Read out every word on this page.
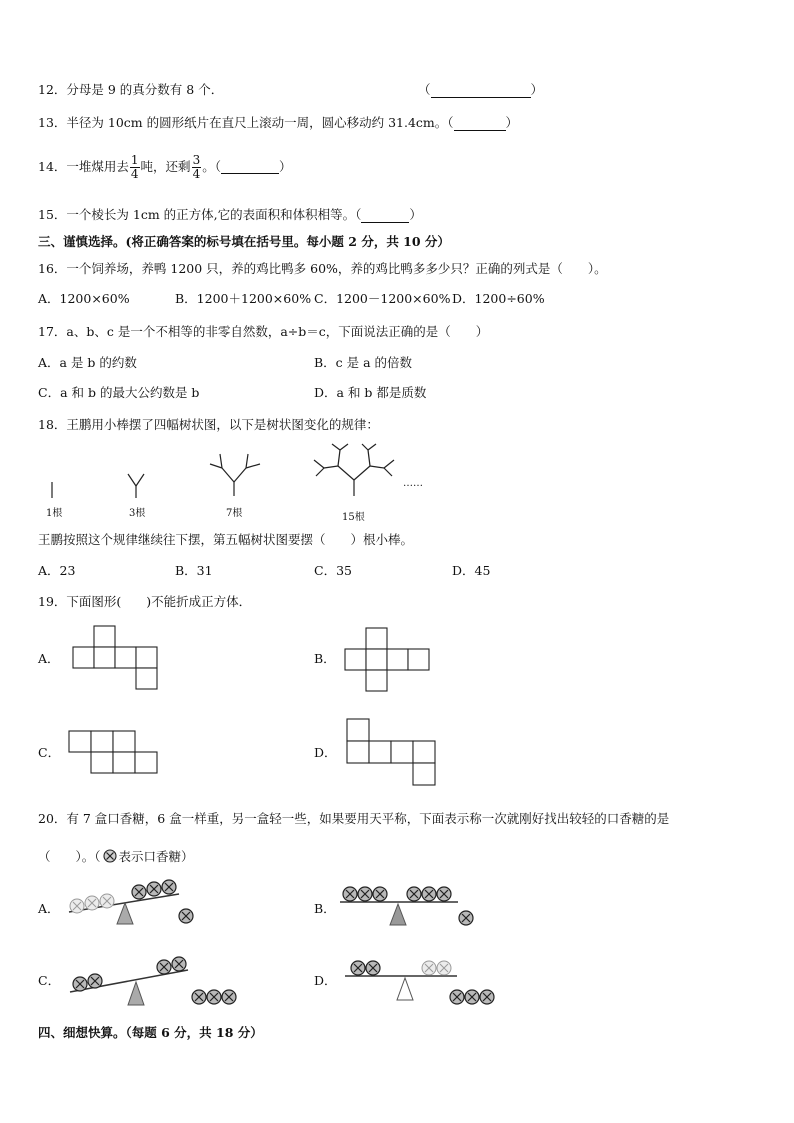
12．分母是 9 的真分数有 8 个．	（	）
13．半径为 10cm 的圆形纸片在直尺上滚动一周，圆心移动约 31.4cm。（	）
14．一堆煤用去 $\frac{1}{4}$ 吨，还剩 $\frac{3}{4}$ 。（	）
15．一个棱长为 1cm 的正方体,它的表面积和体积相等。（	）
三、谨慎选择。(将正确答案的标号填在括号里。每小题 2 分，共 10 分）
16．一个饲养场，养鸭 1200 只，养的鸡比鸭多 60%，养的鸡比鸭多多少只？正确的列式是（　　）。
A．1200×60%	B．1200＋1200×60% C．1200－1200×60% D．1200÷60%
17．a、b、c 是一个不相等的非零自然数，a÷b＝c，下面说法正确的是（　　）
A．a 是 b 的约数	B．c 是 a 的倍数
C．a 和 b 的最大公约数是 b	D．a 和 b 都是质数
18．王鹏用小棒摆了四幅树状图，以下是树状图变化的规律：
1根	3根	7根	15根
……
王鹏按照这个规律继续往下摆，第五幅树状图要摆（　　）根小棒。
A．23	B．31	C．35	D．45
19．下面图形(　　)不能折成正方体．
A．	B．
C．	D．
20．有 7 盒口香糖，6 盒一样重，另一盒轻一些，如果要用天平称，下面表示称一次就刚好找出较轻的口香糖的是
（　　）。（ 表示口香糖）
A．	B．
C．	D．
四、细想快算。（每题 6 分，共 18 分）
